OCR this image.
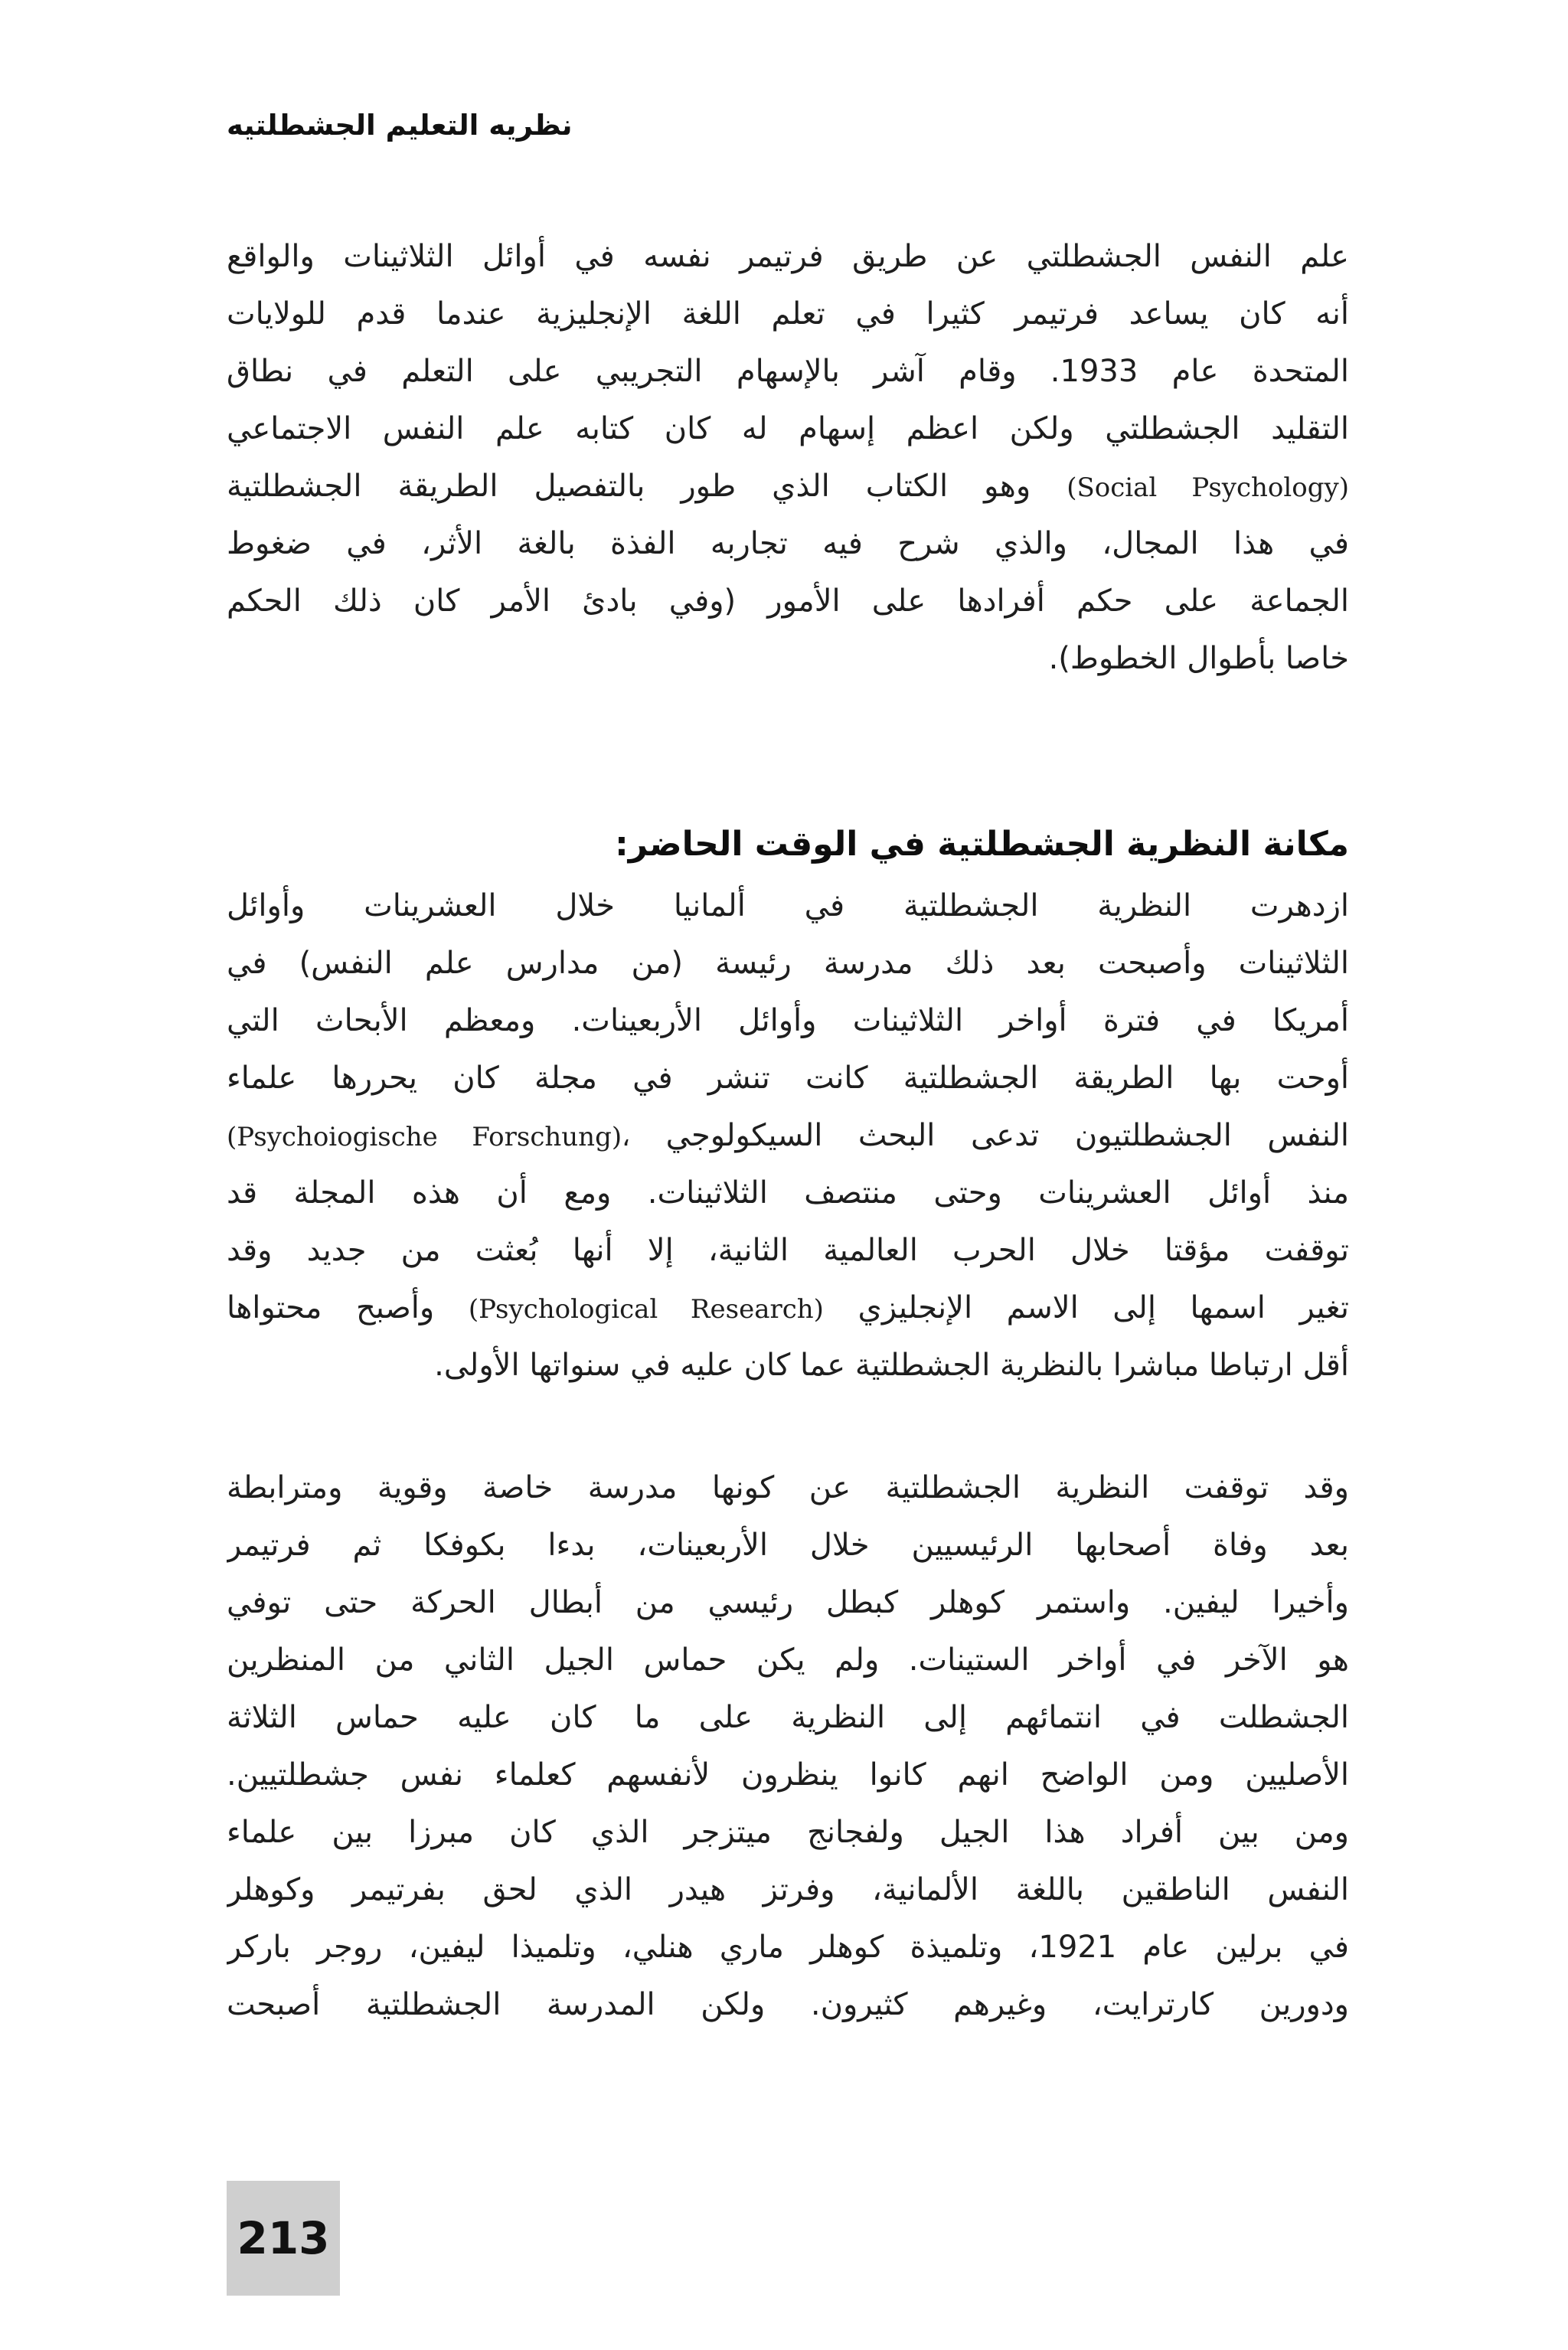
نظريه التعليم الجشطلتيه
علم النفس الجشطلتي عن طريق فرتيمر نفسه في أوائل الثلاثينات والواقع
أنه كان يساعد فرتيمر كثيرا في تعلم اللغة الإنجليزية عندما قدم للولايات
المتحدة عام 1933. وقام آشر بالإسهام التجريبي على التعلم في نطاق
التقليد الجشطلتي ولكن اعظم إسهام له كان كتابه علم النفس الاجتماعي
(Social Psychology) وهو الكتاب الذي طور بالتفصيل الطريقة الجشطلتية
في هذا المجال، والذي شرح فيه تجاربه الفذة بالغة الأثر، في ضغوط
الجماعة على حكم أفرادها على الأمور (وفي بادئ الأمر كان ذلك الحكم
خاصا بأطوال الخطوط).
مكانة النظرية الجشطلتية في الوقت الحاضر:
ازدهرت النظرية الجشطلتية في ألمانيا خلال العشرينات وأوائل
الثلاثينات وأصبحت بعد ذلك مدرسة رئيسة (من مدارس علم النفس) في
أمريكا في فترة أواخر الثلاثينات وأوائل الأربعينات. ومعظم الأبحاث التي
أوحت بها الطريقة الجشطلتية كانت تنشر في مجلة كان يحررها علماء
النفس الجشطلتيون تدعى البحث السيكولوجي (Psychoiogische Forschung)،
منذ أوائل العشرينات وحتى منتصف الثلاثينات. ومع أن هذه المجلة قد
توقفت مؤقتا خلال الحرب العالمية الثانية، إلا أنها بُعثت من جديد وقد
تغير اسمها إلى الاسم الإنجليزي (Psychological Research) وأصبح محتواها
أقل ارتباطا مباشرا بالنظرية الجشطلتية عما كان عليه في سنواتها الأولى.
وقد توقفت النظرية الجشطلتية عن كونها مدرسة خاصة وقوية ومترابطة
بعد وفاة أصحابها الرئيسيين خلال الأربعينات، بدءا بكوفكا ثم فرتيمر
وأخيرا ليفين. واستمر كوهلر كبطل رئيسي من أبطال الحركة حتى توفي
هو الآخر في أواخر الستينات. ولم يكن حماس الجيل الثاني من المنظرين
الجشطلت في انتمائهم إلى النظرية على ما كان عليه حماس الثلاثة
الأصليين ومن الواضح انهم كانوا ينظرون لأنفسهم كعلماء نفس جشطلتيين.
ومن بين أفراد هذا الجيل ولفجانج ميتزجر الذي كان مبرزا بين علماء
النفس الناطقين باللغة الألمانية، وفرتز هيدر الذي لحق بفرتيمر وكوهلر
في برلين عام 1921، وتلميذة كوهلر ماري هنلي، وتلميذا ليفين، روجر باركر
ودورين كارترايت، وغيرهم كثيرون. ولكن المدرسة الجشطلتية أصبحت
213
